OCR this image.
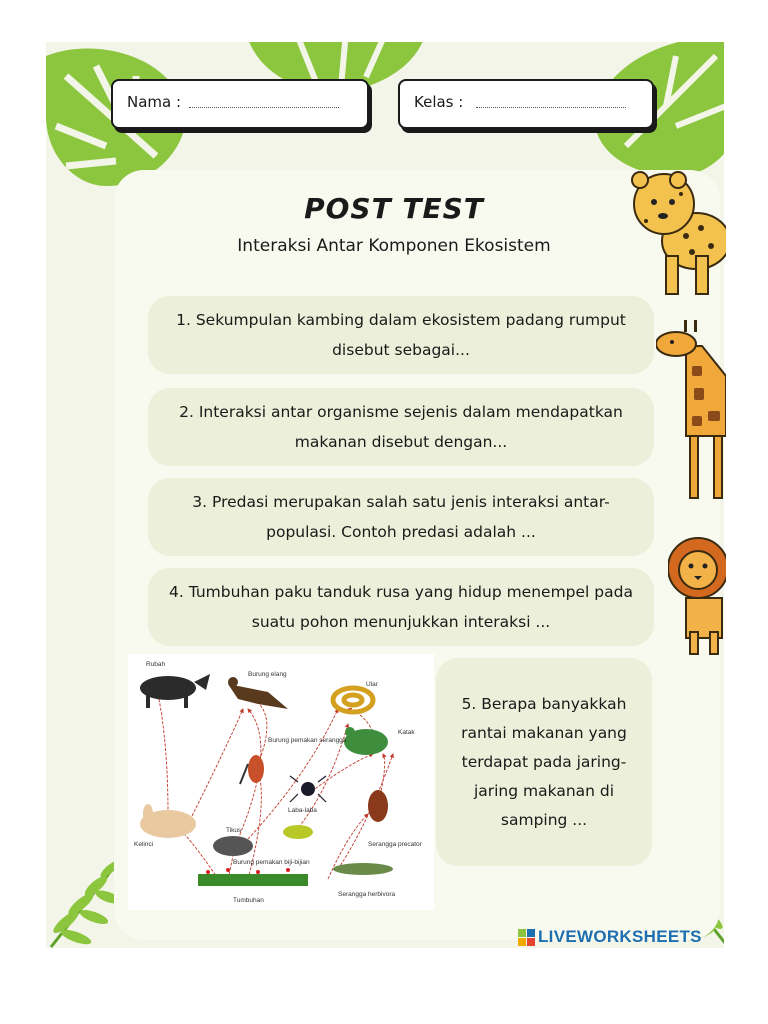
Nama :	Kelas :
POST TEST
Interaksi Antar Komponen Ekosistem
1. Sekumpulan kambing dalam ekosistem padang rumput disebut sebagai...
2. Interaksi antar organisme sejenis dalam mendapatkan makanan disebut dengan...
3. Predasi merupakan salah satu jenis interaksi antar-populasi. Contoh predasi adalah ...
4. Tumbuhan paku tanduk rusa yang hidup menempel pada suatu pohon menunjukkan interaksi ...
5. Berapa banyakkah rantai makanan yang terdapat pada jaring-jaring makanan di samping ...
Rubah
Burung elang
Ular
Katak
Burung pemakan serangga
Laba-laba
Serangga precator
Kelinci
Tikus
Burung pemakan biji-bijian
Tumbuhan
Serangga herbivora
LIVEWORKSHEETS
